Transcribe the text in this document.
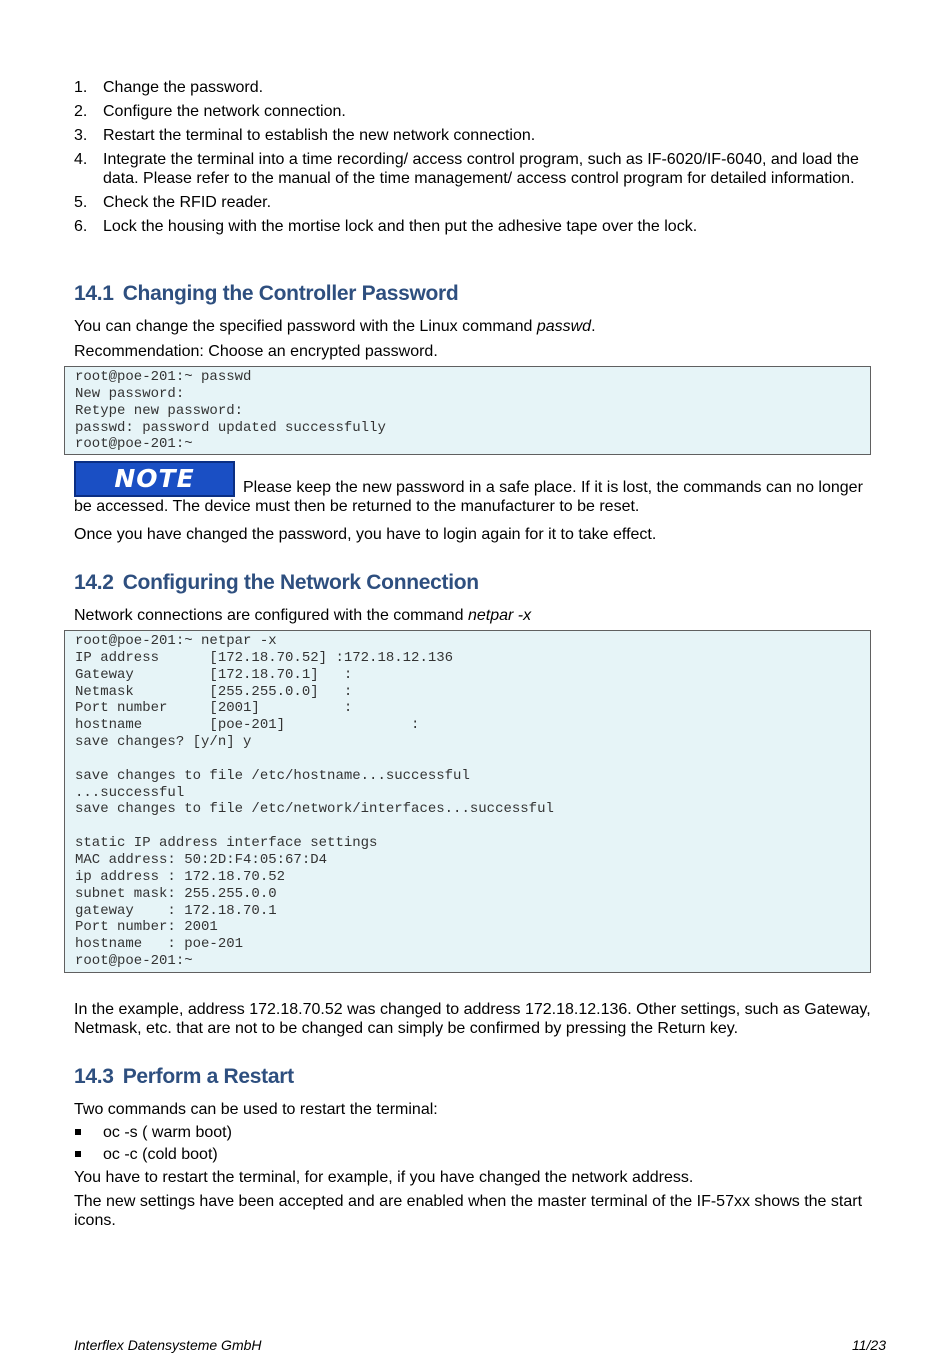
1. Change the password.
2. Configure the network connection.
3. Restart the terminal to establish the new network connection.
4. Integrate the terminal into a time recording/ access control program, such as IF-6020/IF-6040, and load the data. Please refer to the manual of the time management/ access control program for detailed information.
5. Check the RFID reader.
6. Lock the housing with the mortise lock and then put the adhesive tape over the lock.
14.1 Changing the Controller Password

You can change the specified password with the Linux command passwd.

Recommendation: Choose an encrypted password.

root@poe-201:~ passwd
New password:
Retype new password:
passwd: password updated successfully
root@poe-201:~

NOTE	Please keep the new password in a safe place. If it is lost, the commands can no longer be accessed. The device must then be returned to the manufacturer to be reset.

Once you have changed the password, you have to login again for it to take effect.

14.2 Configuring the Network Connection

Network connections are configured with the command netpar -x

root@poe-201:~ netpar -x
IP address      [172.18.70.52] :172.18.12.136
Gateway         [172.18.70.1]   :
Netmask         [255.255.0.0]   :
Port number     [2001]          :
hostname        [poe-201]               :
save changes? [y/n] y

save changes to file /etc/hostname...successful
...successful
save changes to file /etc/network/interfaces...successful

static IP address interface settings
MAC address: 50:2D:F4:05:67:D4
ip address : 172.18.70.52
subnet mask: 255.255.0.0
gateway    : 172.18.70.1
Port number: 2001
hostname   : poe-201
root@poe-201:~

In the example, address 172.18.70.52 was changed to address 172.18.12.136. Other settings, such as Gateway, Netmask, etc. that are not to be changed can simply be confirmed by pressing the Return key.

14.3 Perform a Restart

Two commands can be used to restart the terminal:

oc -s ( warm boot)
oc -c (cold boot)

You have to restart the terminal, for example, if you have changed the network address.

The new settings have been accepted and are enabled when the master terminal of the IF-57xx shows the start icons.

Interflex Datensysteme GmbH	11/23
